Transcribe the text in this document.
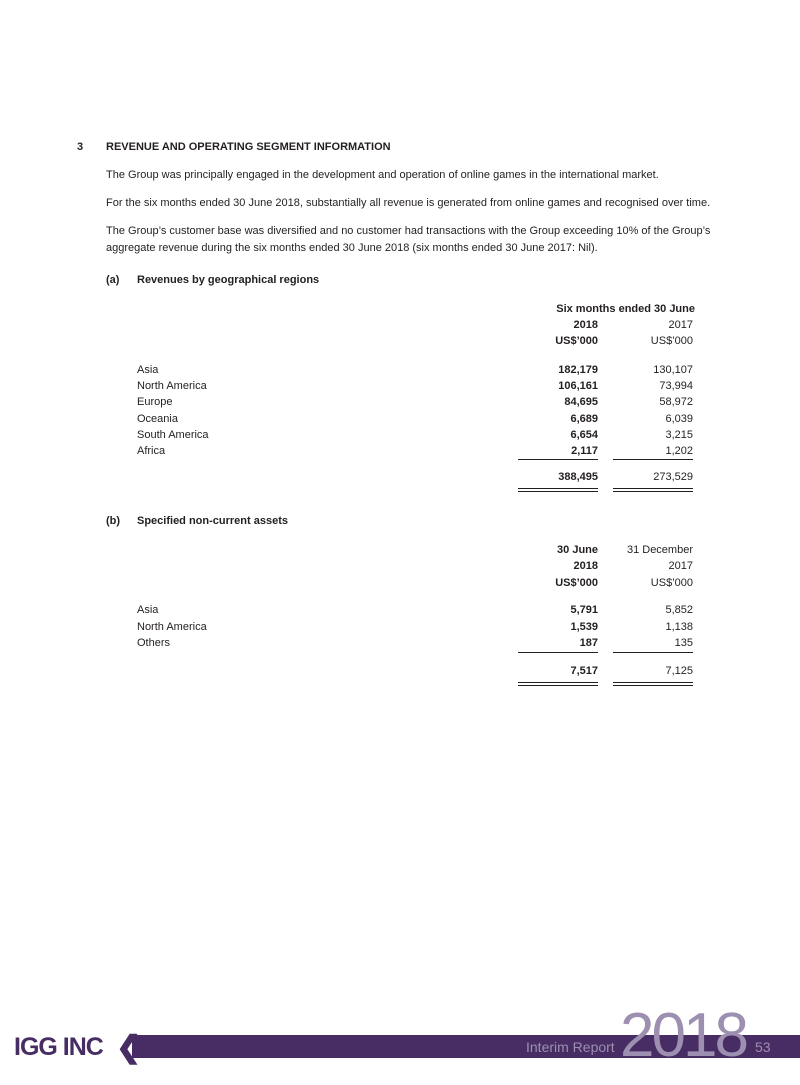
3 REVENUE AND OPERATING SEGMENT INFORMATION
The Group was principally engaged in the development and operation of online games in the international market.
For the six months ended 30 June 2018, substantially all revenue is generated from online games and recognised over time.
The Group’s customer base was diversified and no customer had transactions with the Group exceeding 10% of the Group’s
aggregate revenue during the six months ended 30 June 2018 (six months ended 30 June 2017: Nil).
(a) Revenues by geographical regions
Six months ended 30 June
2018	2017
US$’000	US$’000
Asia	182,179	130,107
North America	106,161	73,994
Europe	84,695	58,972
Oceania	6,689	6,039
South America	6,654	3,215
Africa	2,117	1,202
388,495	273,529
(b) Specified non-current assets
30 June	31 December
2018	2017
US$’000	US$’000
Asia	5,791	5,852
North America	1,539	1,138
Others	187	135
7,517	7,125
IGG INC ❮	Interim Report 2018 53
